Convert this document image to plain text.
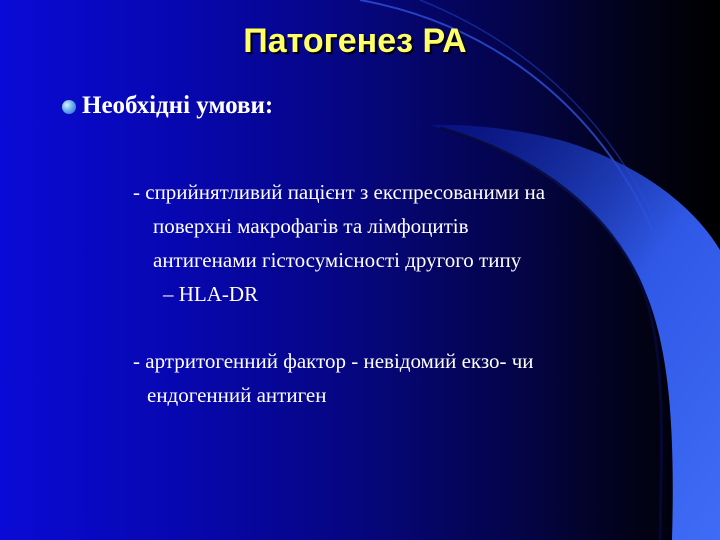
Патогенез РА
Необхідні умови:
- сприйнятливий пацієнт з експресованими на
поверхні макрофагів та лімфоцитів
антигенами гістосумісності другого типу
– HLA-DR
- артритогенний фактор - невідомий екзо- чи
ендогенний антиген
